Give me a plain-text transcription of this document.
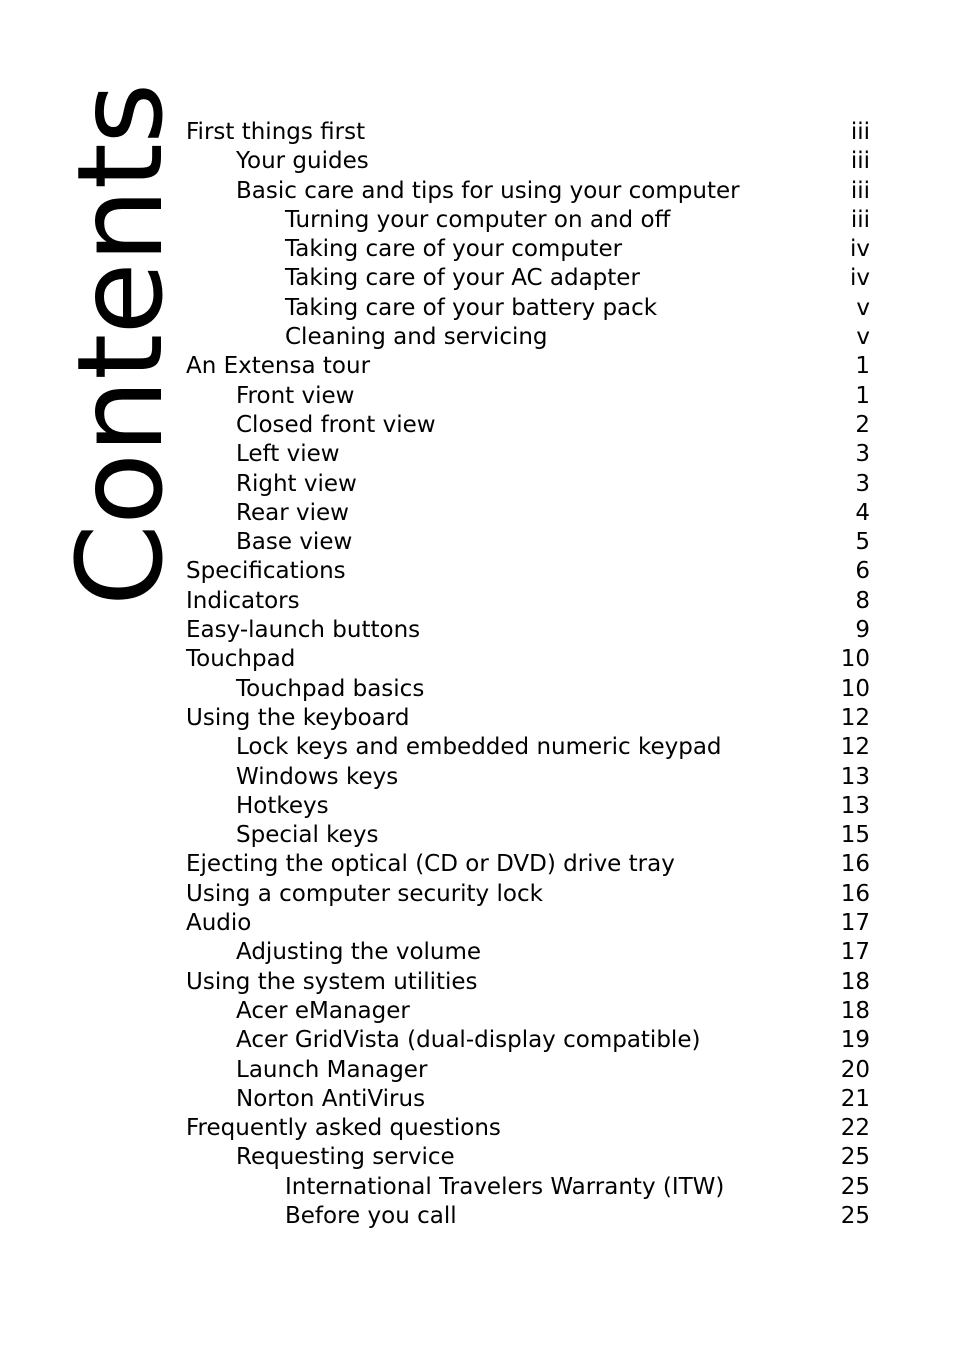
Contents
First things first	iii
Your guides	iii
Basic care and tips for using your computer	iii
Turning your computer on and off	iii
Taking care of your computer	iv
Taking care of your AC adapter	iv
Taking care of your battery pack	v
Cleaning and servicing	v
An Extensa tour	1
Front view	1
Closed front view	2
Left view	3
Right view	3
Rear view	4
Base view	5
Specifications	6
Indicators	8
Easy-launch buttons	9
Touchpad	10
Touchpad basics	10
Using the keyboard	12
Lock keys and embedded numeric keypad	12
Windows keys	13
Hotkeys	13
Special keys	15
Ejecting the optical (CD or DVD) drive tray	16
Using a computer security lock	16
Audio	17
Adjusting the volume	17
Using the system utilities	18
Acer eManager	18
Acer GridVista (dual-display compatible)	19
Launch Manager	20
Norton AntiVirus	21
Frequently asked questions	22
Requesting service	25
International Travelers Warranty (ITW)	25
Before you call	25
